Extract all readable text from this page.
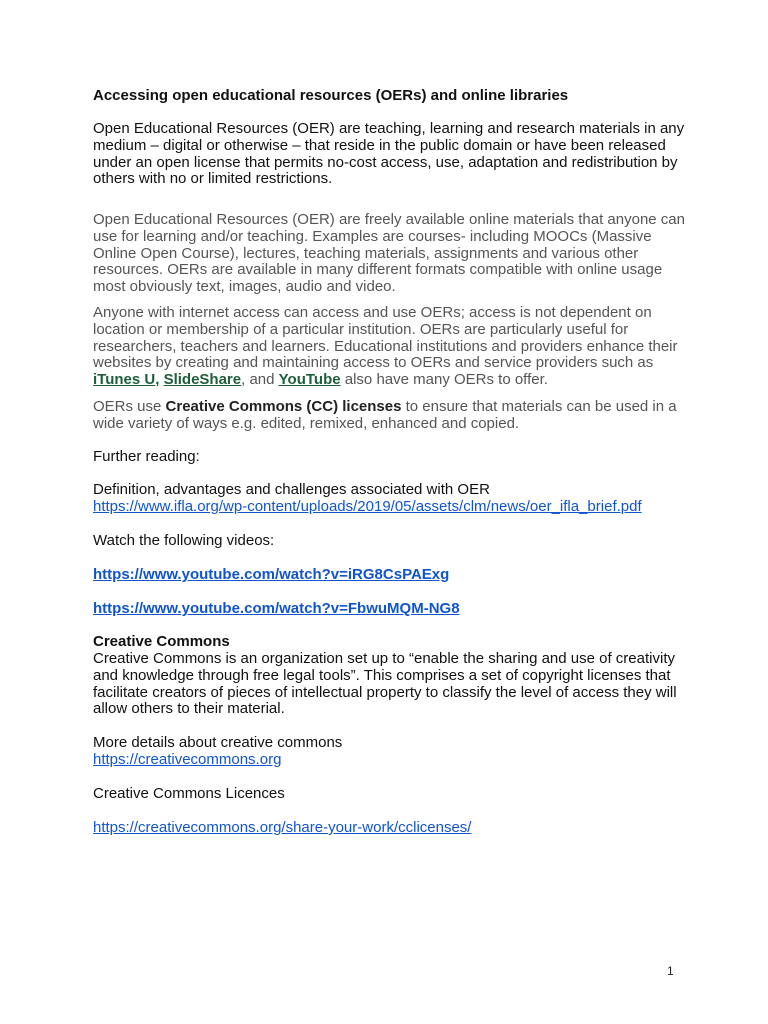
Accessing open educational resources (OERs) and online libraries

Open Educational Resources (OER) are teaching, learning and research materials in any medium – digital or otherwise – that reside in the public domain or have been released under an open license that permits no-cost access, use, adaptation and redistribution by others with no or limited restrictions.

Open Educational Resources (OER) are freely available online materials that anyone can use for learning and/or teaching. Examples are courses- including MOOCs (Massive Online Open Course), lectures, teaching materials, assignments and various other resources. OERs are available in many different formats compatible with online usage most obviously text, images, audio and video.

Anyone with internet access can access and use OERs; access is not dependent on location or membership of a particular institution. OERs are particularly useful for researchers, teachers and learners. Educational institutions and providers enhance their websites by creating and maintaining access to OERs and service providers such as iTunes U, SlideShare, and YouTube also have many OERs to offer.

OERs use Creative Commons (CC) licenses to ensure that materials can be used in a wide variety of ways e.g. edited, remixed, enhanced and copied.

Further reading:

Definition, advantages and challenges associated with OER

https://www.ifla.org/wp-content/uploads/2019/05/assets/clm/news/oer_ifla_brief.pdf

Watch the following videos:

https://www.youtube.com/watch?v=iRG8CsPAExg

https://www.youtube.com/watch?v=FbwuMQM-NG8

Creative Commons

Creative Commons is an organization set up to “enable the sharing and use of creativity and knowledge through free legal tools”. This comprises a set of copyright licenses that facilitate creators of pieces of intellectual property to classify the level of access they will allow others to their material.

More details about creative commons

https://creativecommons.org

Creative Commons Licences

https://creativecommons.org/share-your-work/cclicenses/

1
